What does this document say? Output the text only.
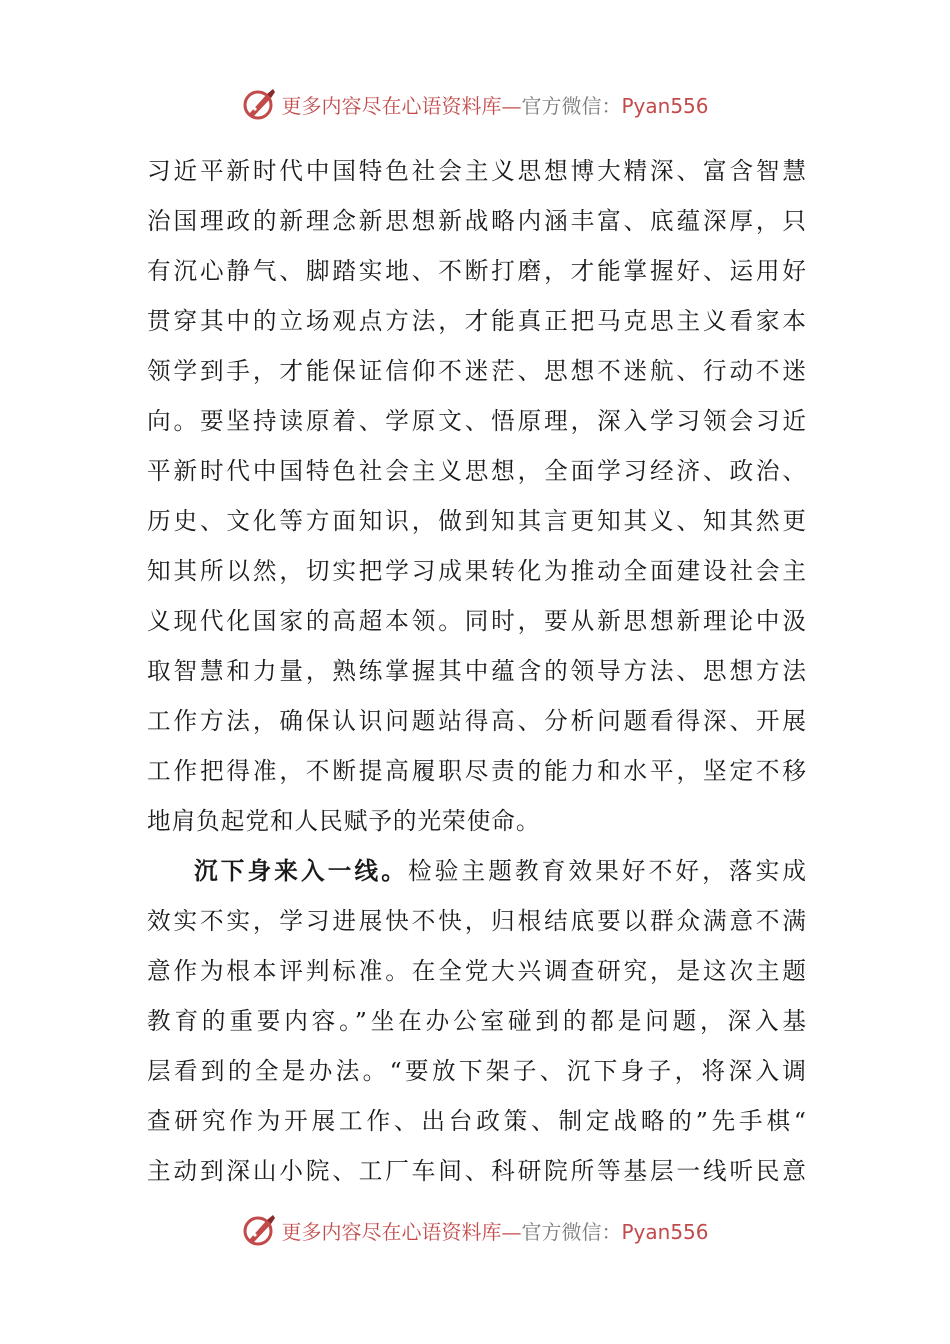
更多内容尽在心语资料库—官方微信：Pyan556
习近平新时代中国特色社会主义思想博大精深、富含智慧
治国理政的新理念新思想新战略内涵丰富、底蕴深厚，只
有沉心静气、脚踏实地、不断打磨，才能掌握好、运用好
贯穿其中的立场观点方法，才能真正把马克思主义看家本
领学到手，才能保证信仰不迷茫、思想不迷航、行动不迷
向。要坚持读原着、学原文、悟原理，深入学习领会习近
平新时代中国特色社会主义思想，全面学习经济、政治、
历史、文化等方面知识，做到知其言更知其义、知其然更
知其所以然，切实把学习成果转化为推动全面建设社会主
义现代化国家的高超本领。同时，要从新思想新理论中汲
取智慧和力量，熟练掌握其中蕴含的领导方法、思想方法
工作方法，确保认识问题站得高、分析问题看得深、开展
工作把得准，不断提高履职尽责的能力和水平，坚定不移
地肩负起党和人民赋予的光荣使命。
沉下身来入一线。检验主题教育效果好不好，落实成
效实不实，学习进展快不快，归根结底要以群众满意不满
意作为根本评判标准。在全党大兴调查研究，是这次主题
教育的重要内容。”坐在办公室碰到的都是问题，深入基
层看到的全是办法。“要放下架子、沉下身子，将深入调
查研究作为开展工作、出台政策、制定战略的”先手棋“
主动到深山小院、工厂车间、科研院所等基层一线听民意
更多内容尽在心语资料库—官方微信：Pyan556
